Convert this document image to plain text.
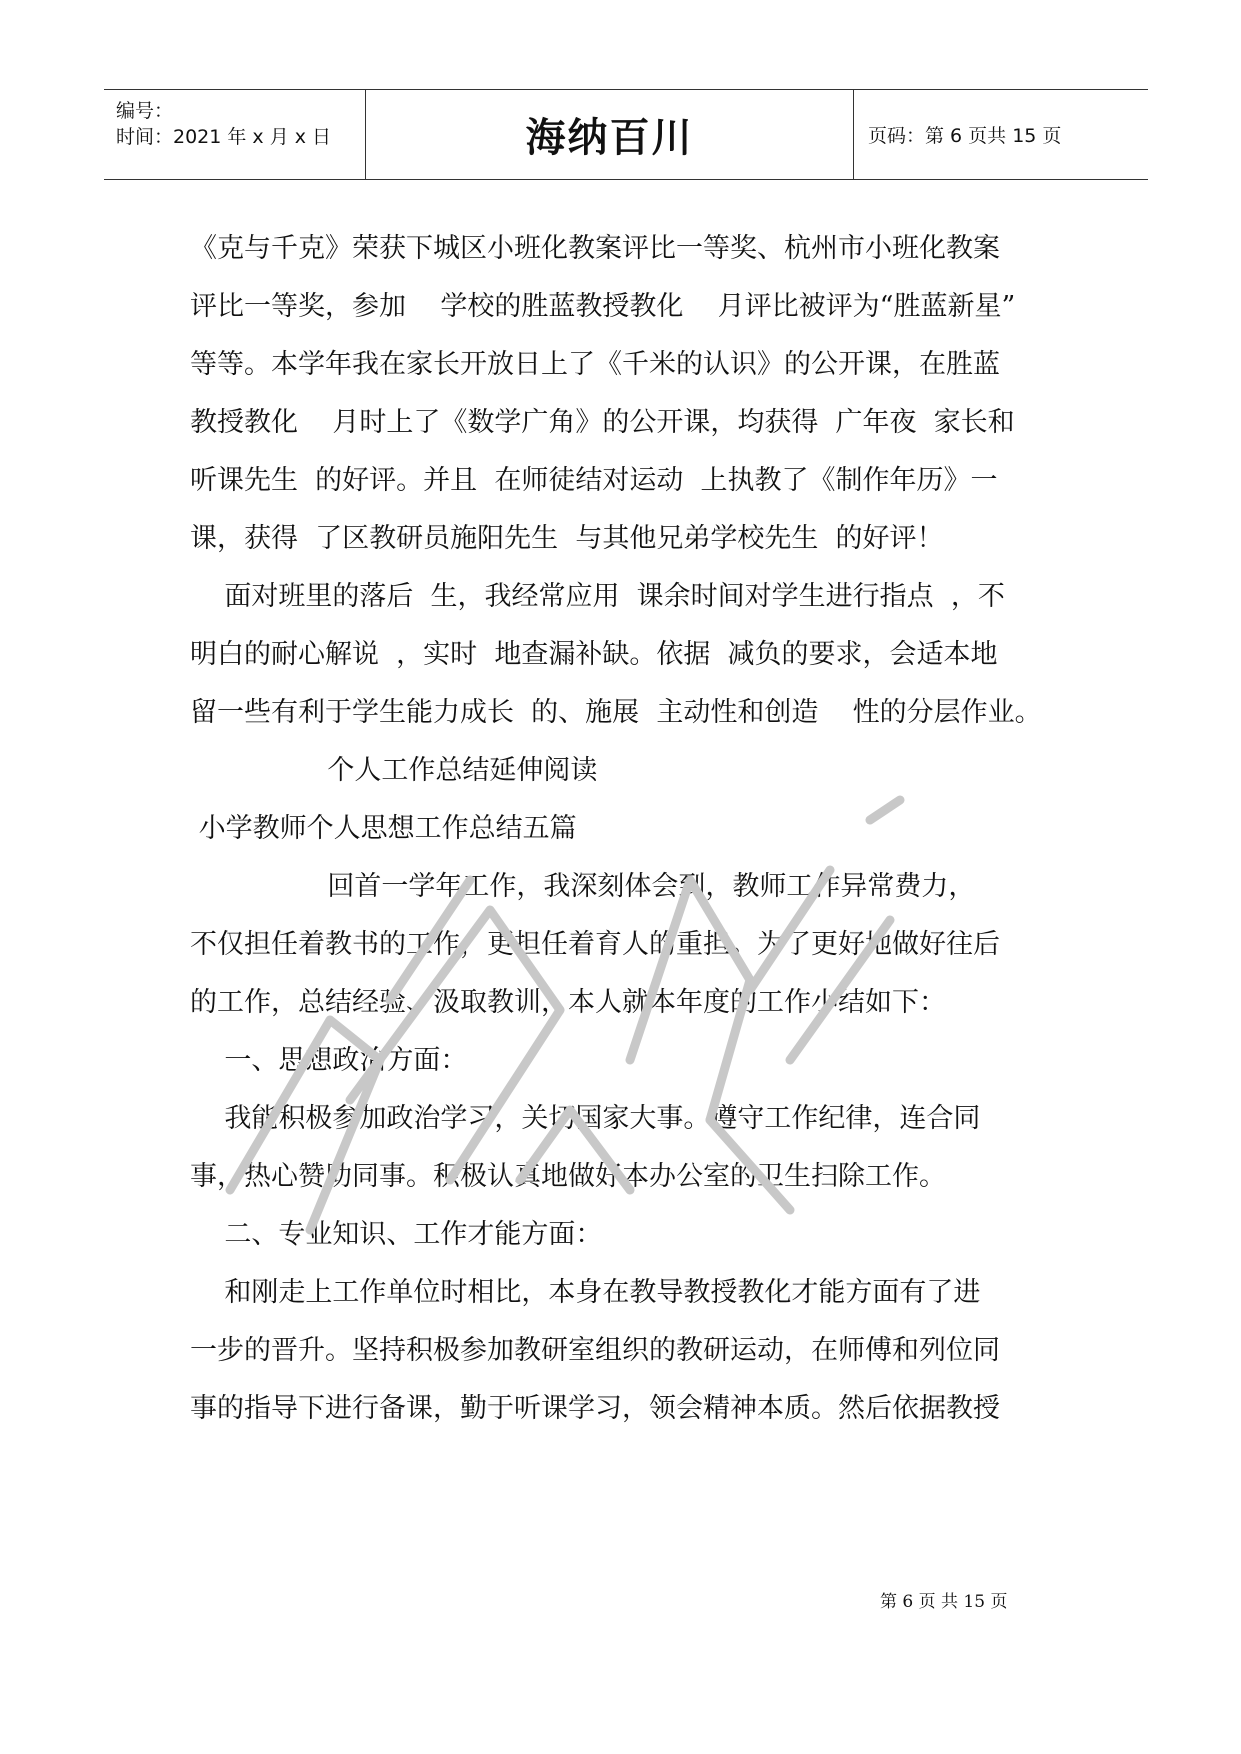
编号：
时间：2021 年 x 月 x 日	海纳百川	页码：第 6 页共 15 页
《克与千克》荣获下城区小班化教案评比一等奖、杭州市小班化教案
评比一等奖，参加    学校的胜蓝教授教化    月评比被评为“胜蓝新星”
等等。本学年我在家长开放日上了《千米的认识》的公开课，在胜蓝
教授教化    月时上了《数学广角》的公开课，均获得  广年夜  家长和
听课先生  的好评。并且  在师徒结对运动  上执教了《制作年历》一
课，获得  了区教研员施阳先生  与其他兄弟学校先生  的好评！
面对班里的落后  生，我经常应用  课余时间对学生进行指点  ，不
明白的耐心解说  ，实时  地查漏补缺。依据  减负的要求，会适本地
留一些有利于学生能力成长  的、施展  主动性和创造    性的分层作业。
个人工作总结延伸阅读
小学教师个人思想工作总结五篇
回首一学年工作，我深刻体会到，教师工作异常费力，
不仅担任着教书的工作，更担任着育人的重担。为了更好地做好往后
的工作，总结经验、汲取教训，本人就本年度的工作小结如下：
一、思想政治方面：
我能积极参加政治学习，关切国家大事。遵守工作纪律，连合同
事，热心赞助同事。积极认真地做好本办公室的卫生扫除工作。
二、专业知识、工作才能方面：
和刚走上工作单位时相比，本身在教导教授教化才能方面有了进
一步的晋升。坚持积极参加教研室组织的教研运动，在师傅和列位同
事的指导下进行备课，勤于听课学习，领会精神本质。然后依据教授
第 6 页 共 15 页
